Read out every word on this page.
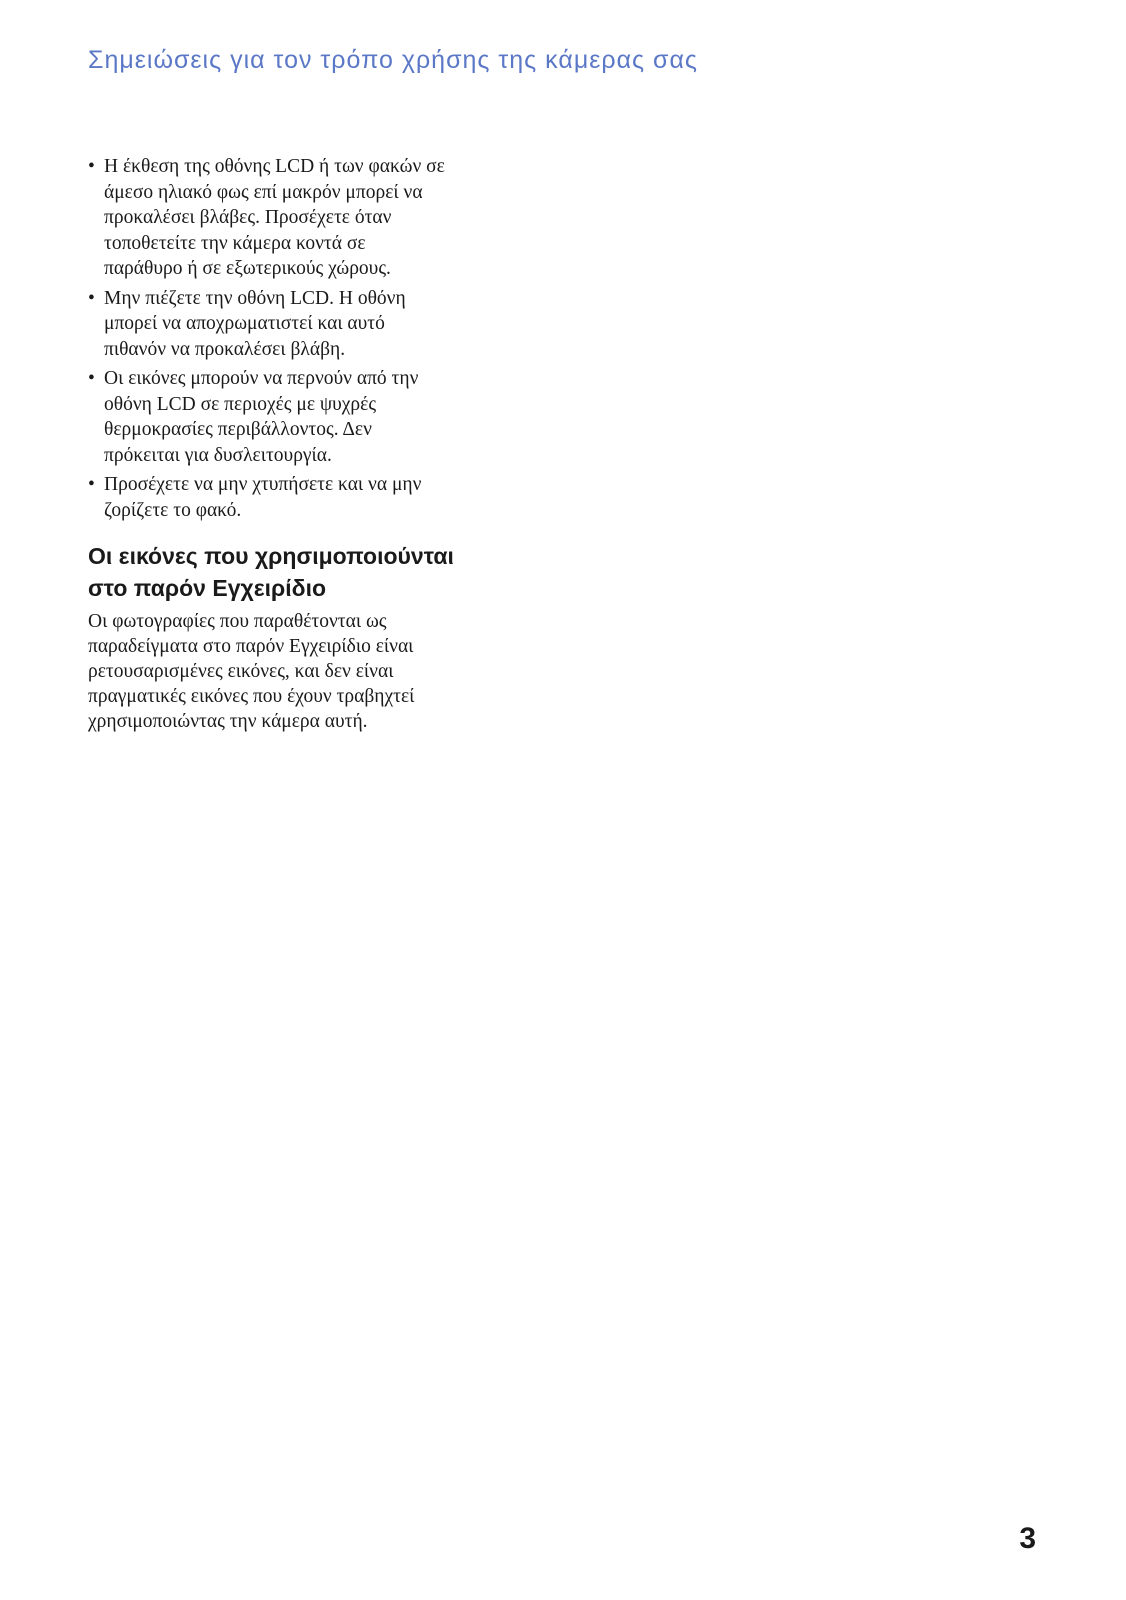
Σημειώσεις για τον τρόπο χρήσης της κάμερας σας
• Η έκθεση της οθόνης LCD ή των φακών σε
άμεσο ηλιακό φως επί μακρόν μπορεί να
προκαλέσει βλάβες. Προσέχετε όταν
τοποθετείτε την κάμερα κοντά σε
παράθυρο ή σε εξωτερικούς χώρους.
• Μην πιέζετε την οθόνη LCD. Η οθόνη
μπορεί να αποχρωματιστεί και αυτό
πιθανόν να προκαλέσει βλάβη.
• Οι εικόνες μπορούν να περνούν από την
οθόνη LCD σε περιοχές με ψυχρές
θερμοκρασίες περιβάλλοντος. Δεν
πρόκειται για δυσλειτουργία.
• Προσέχετε να μην χτυπήσετε και να μην
ζορίζετε το φακό.
Οι εικόνες που χρησιμοποιούνται
στο παρόν Εγχειρίδιο

Οι φωτογραφίες που παραθέτονται ως
παραδείγματα στο παρόν Εγχειρίδιο είναι
ρετουσαρισμένες εικόνες, και δεν είναι
πραγματικές εικόνες που έχουν τραβηχτεί
χρησιμοποιώντας την κάμερα αυτή.

3
